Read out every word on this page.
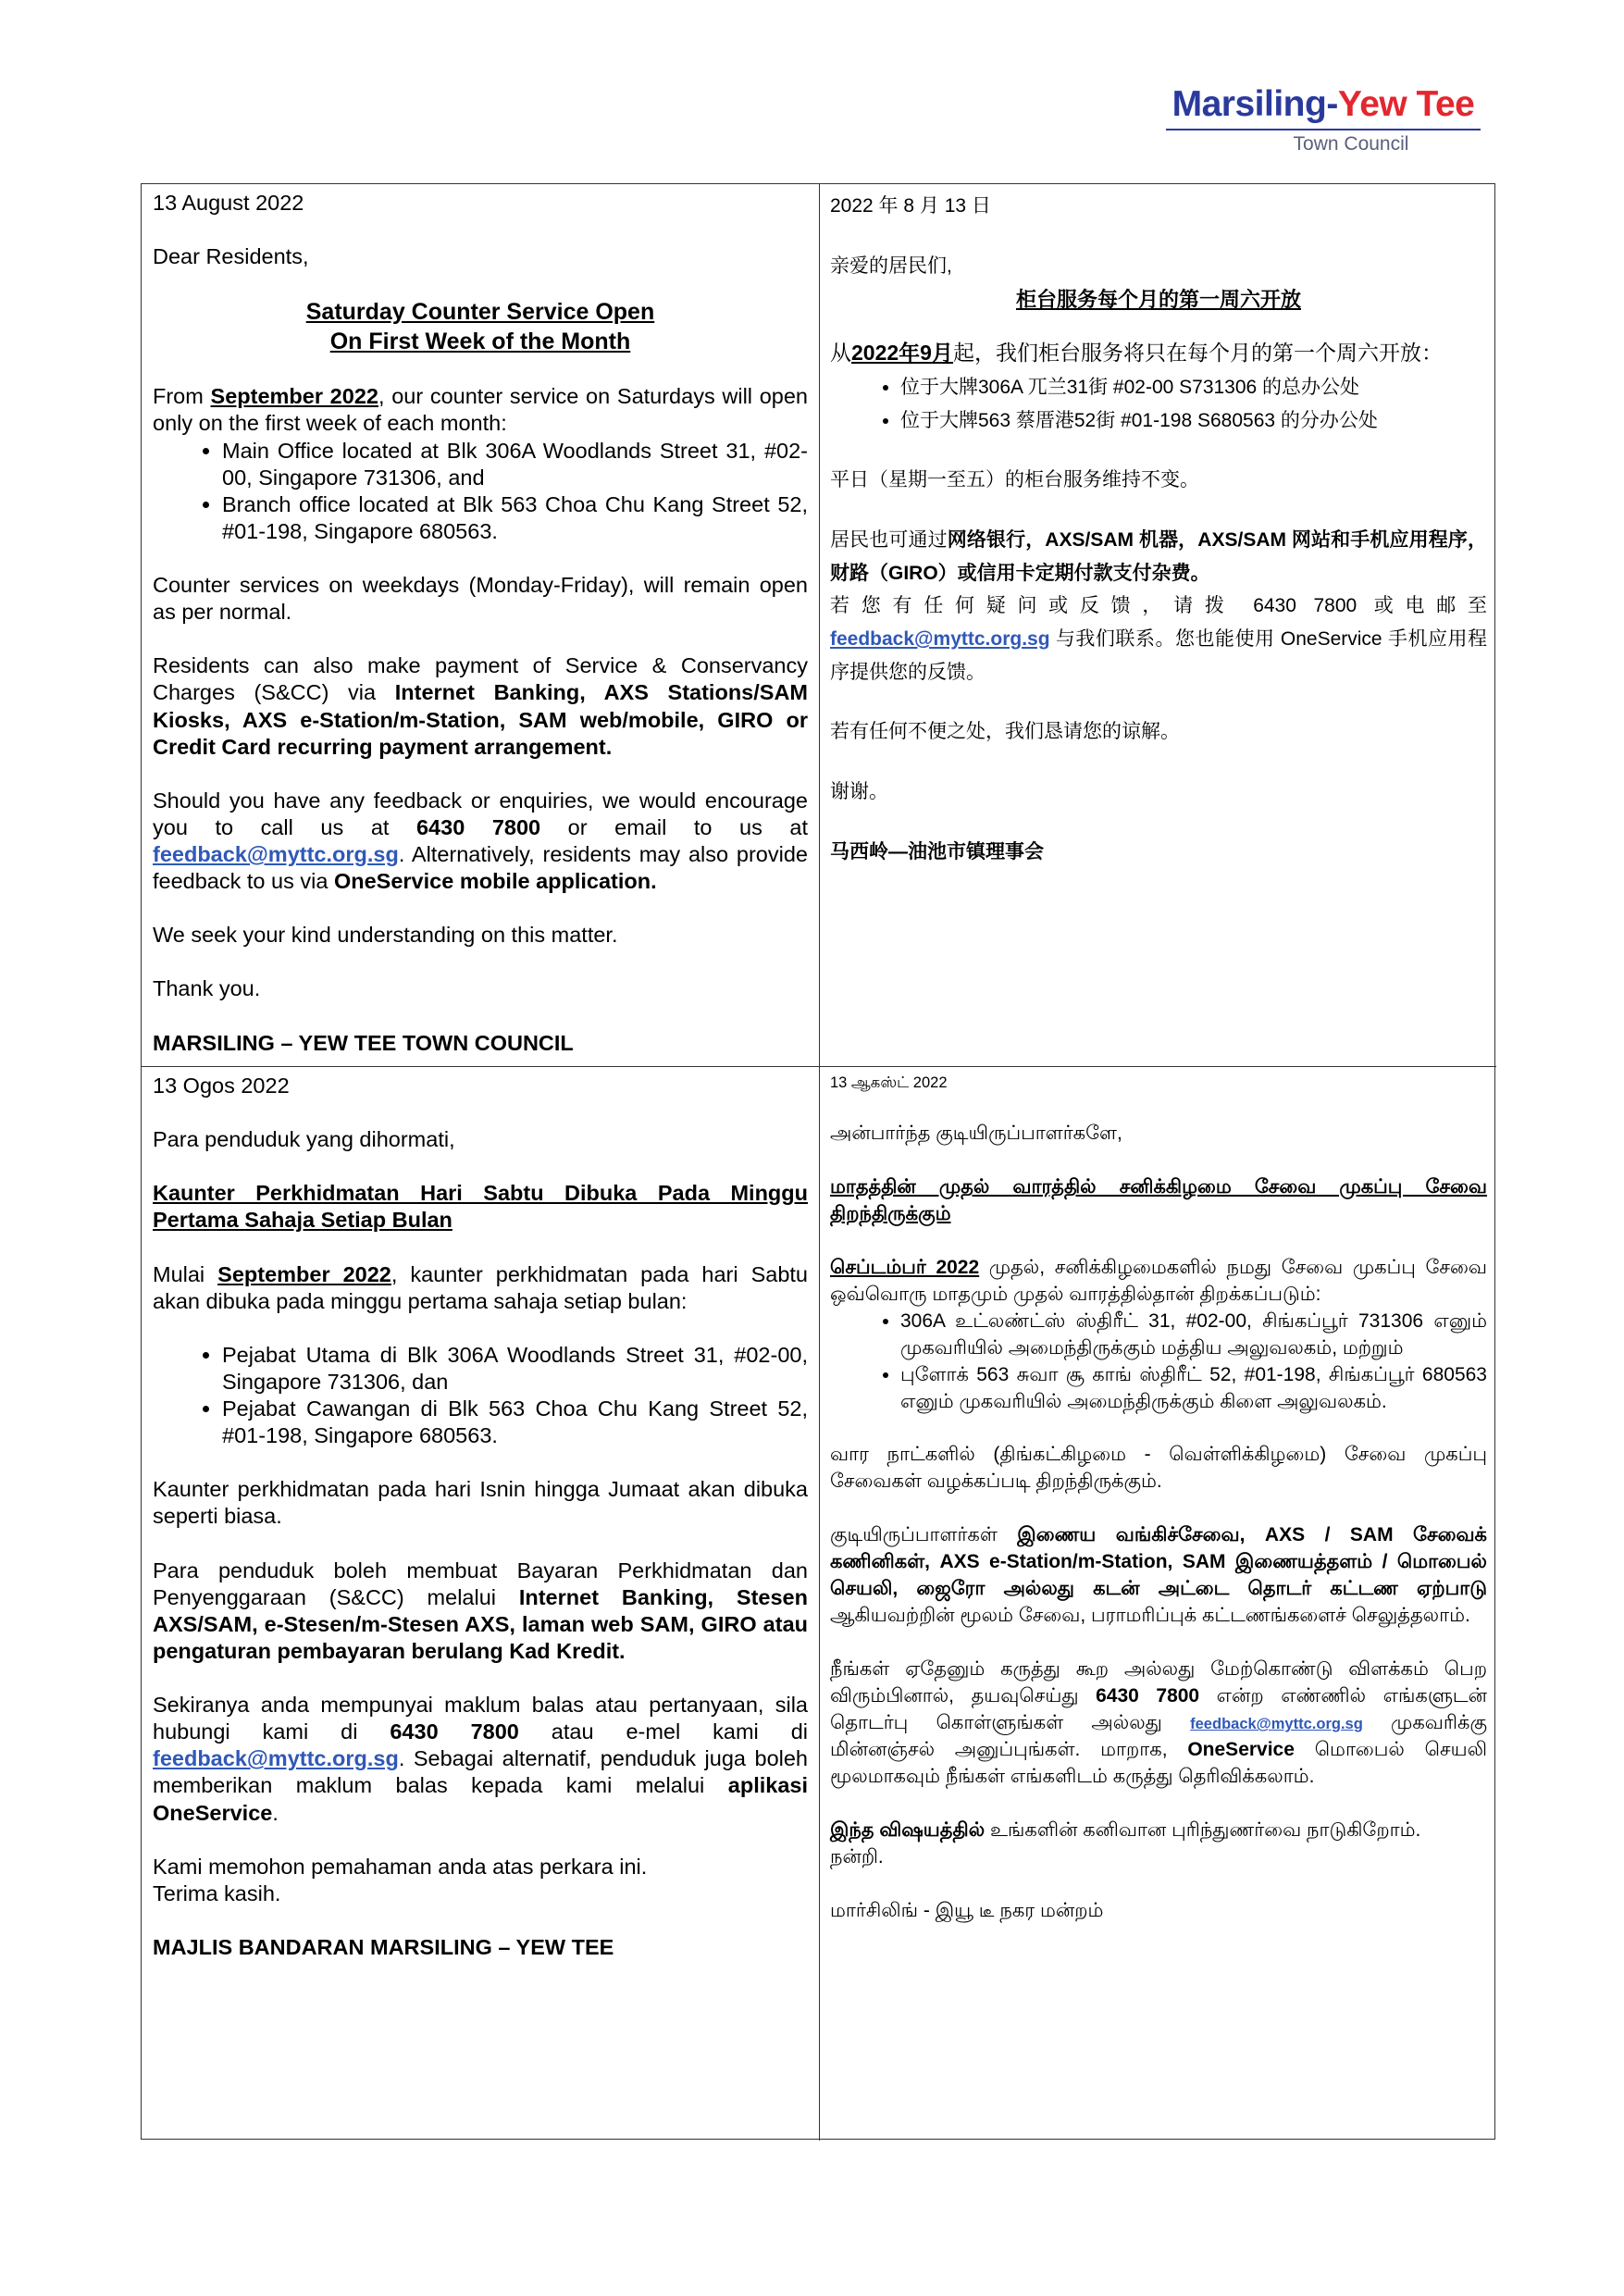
Marsiling-Yew Tee
Town Council

13 August 2022

Dear Residents,

Saturday Counter Service Open

On First Week of the Month

From September 2022, our counter service on Saturdays will open only on the first week of each month:

• Main Office located at Blk 306A Woodlands Street 31, #02-00, Singapore 731306, and
• Branch office located at Blk 563 Choa Chu Kang Street 52, #01-198, Singapore 680563.

Counter services on weekdays (Monday-Friday), will remain open as per normal.

Residents can also make payment of Service & Conservancy Charges (S&CC) via Internet Banking, AXS Stations/SAM Kiosks, AXS e-Station/m-Station, SAM web/mobile, GIRO or Credit Card recurring payment arrangement.

Should you have any feedback or enquiries, we would encourage you to call us at 6430 7800 or email to us at feedback@myttc.org.sg. Alternatively, residents may also provide feedback to us via OneService mobile application.

We seek your kind understanding on this matter.

Thank you.

MARSILING – YEW TEE TOWN COUNCIL

2022 年 8 月 13 日

亲爱的居民们,

柜台服务每个月的第一周六开放

从2022年9月起，我们柜台服务将只在每个月的第一个周六开放：

• 位于大牌306A 兀兰31街 #02-00 S731306 的总办公处
• 位于大牌563 蔡厝港52街 #01-198 S680563 的分办公处

平日（星期一至五）的柜台服务维持不变。

居民也可通过网络银行，AXS/SAM 机器，AXS/SAM 网站和手机应用程序，财路（GIRO）或信用卡定期付款支付杂费。

若您有任何疑问或反馈，请拨 6430 7800 或电邮至 feedback@myttc.org.sg 与我们联系。您也能使用 OneService 手机应用程序提供您的反馈。

若有任何不便之处，我们恳请您的谅解。

谢谢。

马西岭—油池市镇理事会

13 Ogos 2022

Para penduduk yang dihormati,

Kaunter Perkhidmatan Hari Sabtu Dibuka Pada Minggu Pertama Sahaja Setiap Bulan

Mulai September 2022, kaunter perkhidmatan pada hari Sabtu akan dibuka pada minggu pertama sahaja setiap bulan:

• Pejabat Utama di Blk 306A Woodlands Street 31, #02-00, Singapore 731306, dan
• Pejabat Cawangan di Blk 563 Choa Chu Kang Street 52, #01-198, Singapore 680563.

Kaunter perkhidmatan pada hari Isnin hingga Jumaat akan dibuka seperti biasa.

Para penduduk boleh membuat Bayaran Perkhidmatan dan Penyenggaraan (S&CC) melalui Internet Banking, Stesen AXS/SAM, e-Stesen/m-Stesen AXS, laman web SAM, GIRO atau pengaturan pembayaran berulang Kad Kredit.

Sekiranya anda mempunyai maklum balas atau pertanyaan, sila hubungi kami di 6430 7800 atau e-mel kami di feedback@myttc.org.sg. Sebagai alternatif, penduduk juga boleh memberikan maklum balas kepada kami melalui aplikasi OneService.

Kami memohon pemahaman anda atas perkara ini.

Terima kasih.

MAJLIS BANDARAN MARSILING – YEW TEE

13 ஆகஸ்ட் 2022

அன்பார்ந்த குடியிருப்பாளர்களே,

மாதத்தின் முதல் வாரத்தில் சனிக்கிழமை சேவை முகப்பு சேவை திறந்திருக்கும்

செப்டம்பர் 2022 முதல், சனிக்கிழமைகளில் நமது சேவை முகப்பு சேவை ஒவ்வொரு மாதமும் முதல் வாரத்தில்தான் திறக்கப்படும்:

• 306A உட்லண்ட்ஸ் ஸ்திரீட் 31, #02-00, சிங்கப்பூர் 731306 எனும் முகவரியில் அமைந்திருக்கும் மத்திய அலுவலகம், மற்றும்
• புளோக் 563 சுவா சூ காங் ஸ்திரீட் 52, #01-198, சிங்கப்பூர் 680563 எனும் முகவரியில் அமைந்திருக்கும் கிளை அலுவலகம்.

வார நாட்களில் (திங்கட்கிழமை - வெள்ளிக்கிழமை) சேவை முகப்பு சேவைகள் வழக்கப்படி திறந்திருக்கும்.

குடியிருப்பாளர்கள் இணைய வங்கிச்சேவை, AXS / SAM சேவைக் கணினிகள், AXS e-Station/m-Station, SAM இணையத்தளம் / மொபைல் செயலி, ஜைரோ அல்லது கடன் அட்டை தொடர் கட்டண ஏற்பாடு ஆகியவற்றின் மூலம் சேவை, பராமரிப்புக் கட்டணங்களைச் செலுத்தலாம்.

நீங்கள் ஏதேனும் கருத்து கூற அல்லது மேற்கொண்டு விளக்கம் பெற விரும்பினால், தயவுசெய்து 6430 7800 என்ற எண்ணில் எங்களுடன் தொடர்பு கொள்ளுங்கள் அல்லது feedback@myttc.org.sg முகவரிக்கு மின்னஞ்சல் அனுப்புங்கள். மாறாக, OneService மொபைல் செயலி மூலமாகவும் நீங்கள் எங்களிடம் கருத்து தெரிவிக்கலாம்.

இந்த விஷயத்தில் உங்களின் கனிவான புரிந்துணர்வை நாடுகிறோம்.

நன்றி.

மார்சிலிங் - இயூ டீ நகர மன்றம்
